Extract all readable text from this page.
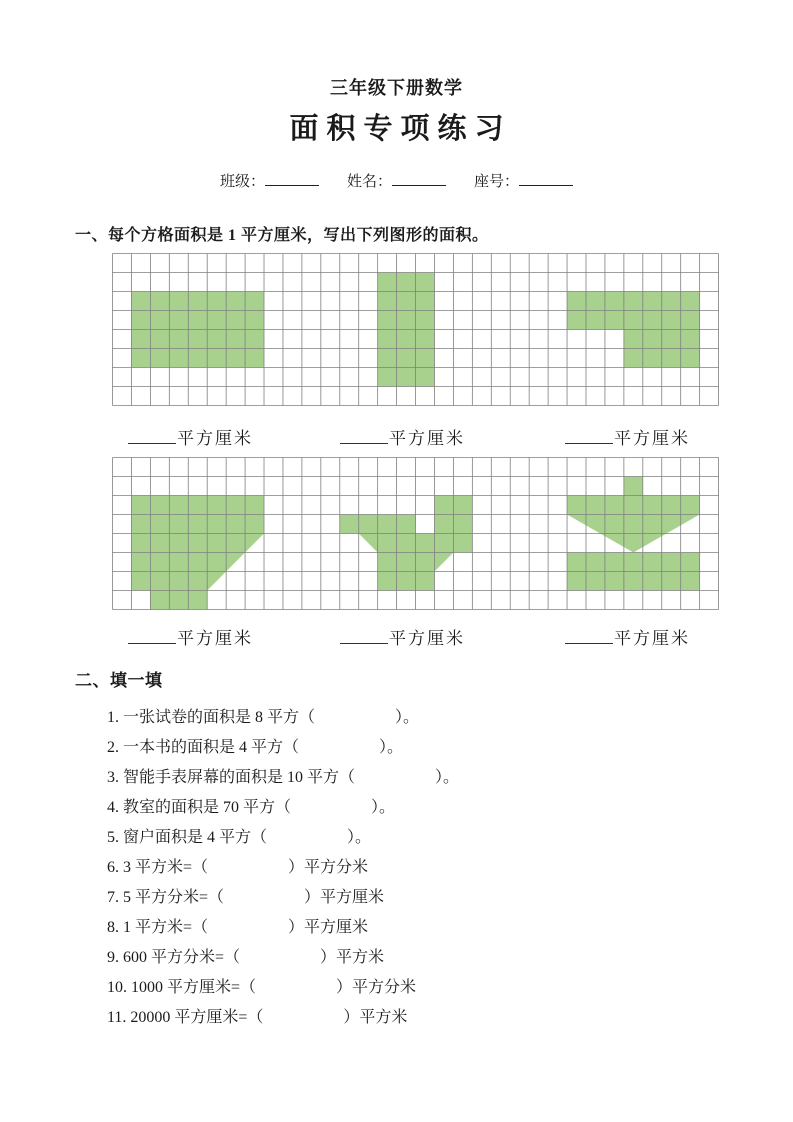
三年级下册数学
面积专项练习
班级：	姓名：	座号：
一、每个方格面积是 1 平方厘米，写出下列图形的面积。
平方厘米	平方厘米	平方厘米
平方厘米	平方厘米	平方厘米
二、填一填
1. 一张试卷的面积是 8 平方（                    ）。
2. 一本书的面积是 4 平方（                    ）。
3. 智能手表屏幕的面积是 10 平方（                    ）。
4. 教室的面积是 70 平方（                    ）。
5. 窗户面积是 4 平方（                    ）。
6. 3 平方米=（                    ）平方分米
7. 5 平方分米=（                    ）平方厘米
8. 1 平方米=（                    ）平方厘米
9. 600 平方分米=（                    ）平方米
10. 1000 平方厘米=（                    ）平方分米
11. 20000 平方厘米=（                    ）平方米
